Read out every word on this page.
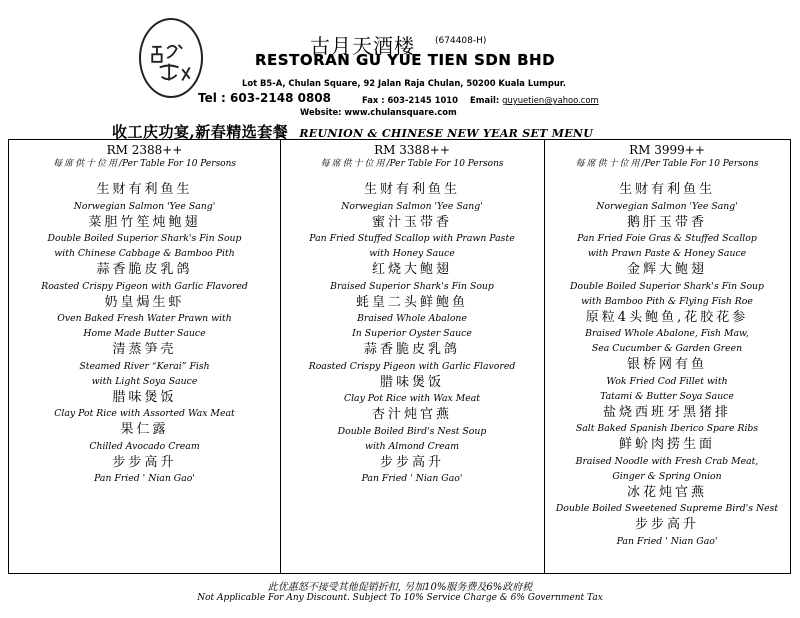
古月天酒楼 (674408-H)
RESTORAN GU YUE TIEN SDN BHD
Lot B5-A, Chulan Square, 92 Jalan Raja Chulan, 50200 Kuala Lumpur.
Tel : 603-2148 0808	Fax : 603-2145 1010 Email: guyuetien@yahoo.com
Website: www.chulansquare.com
收工庆功宴,新春精选套餐 REUNION & CHINESE NEW YEAR SET MENU
RM 2388++
每席供十位用/Per Table For 10 Persons
生财有利鱼生
Norwegian Salmon 'Yee Sang'
菜胆竹笙炖鲍翅
Double Boiled Superior Shark's Fin Soup
with Chinese Cabbage & Bamboo Pith
蒜香脆皮乳鸽
Roasted Crispy Pigeon with Garlic Flavored
奶皇焗生虾
Oven Baked Fresh Water Prawn with
Home Made Butter Sauce
清蒸笋壳
Steamed River “Kerai” Fish
with Light Soya Sauce
腊味煲饭
Clay Pot Rice with Assorted Wax Meat
果仁露
Chilled Avocado Cream
步步高升
Pan Fried ' Nian Gao'
RM 3388++
每席供十位用/Per Table For 10 Persons
生财有利鱼生
Norwegian Salmon 'Yee Sang'
蜜汁玉带香
Pan Fried Stuffed Scallop with Prawn Paste
with Honey Sauce
红烧大鲍翅
Braised Superior Shark's Fin Soup
蚝皇二头鲜鲍鱼
Braised Whole Abalone
In Superior Oyster Sauce
蒜香脆皮乳鸽
Roasted Crispy Pigeon with Garlic Flavored
腊味煲饭
Clay Pot Rice with Wax Meat
杏汁炖官燕
Double Boiled Bird's Nest Soup
with Almond Cream
步步高升
Pan Fried ' Nian Gao'
RM 3999++
每席供十位用/Per Table For 10 Persons
生财有利鱼生
Norwegian Salmon 'Yee Sang'
鹅肝玉带香
Pan Fried Foie Gras & Stuffed Scallop
with Prawn Paste & Honey Sauce
金辉大鲍翅
Double Boiled Superior Shark's Fin Soup
with Bamboo Pith & Flying Fish Roe
原粒4头鲍鱼,花胶花参
Braised Whole Abalone, Fish Maw,
Sea Cucumber & Garden Green
银桥网有鱼
Wok Fried Cod Fillet with
Tatami & Butter Soya Sauce
盐烧西班牙黑猪排
Salt Baked Spanish Iberico Spare Ribs
鲜蚧肉捞生面
Braised Noodle with Fresh Crab Meat,
Ginger & Spring Onion
冰花炖官燕
Double Boiled Sweetened Supreme Bird's Nest
步步高升
Pan Fried ' Nian Gao'
此优惠怒不接受其他促销折扣, 另加10%服务费及6%政府税
Not Applicable For Any Discount. Subject To 10% Service Charge & 6% Government Tax
